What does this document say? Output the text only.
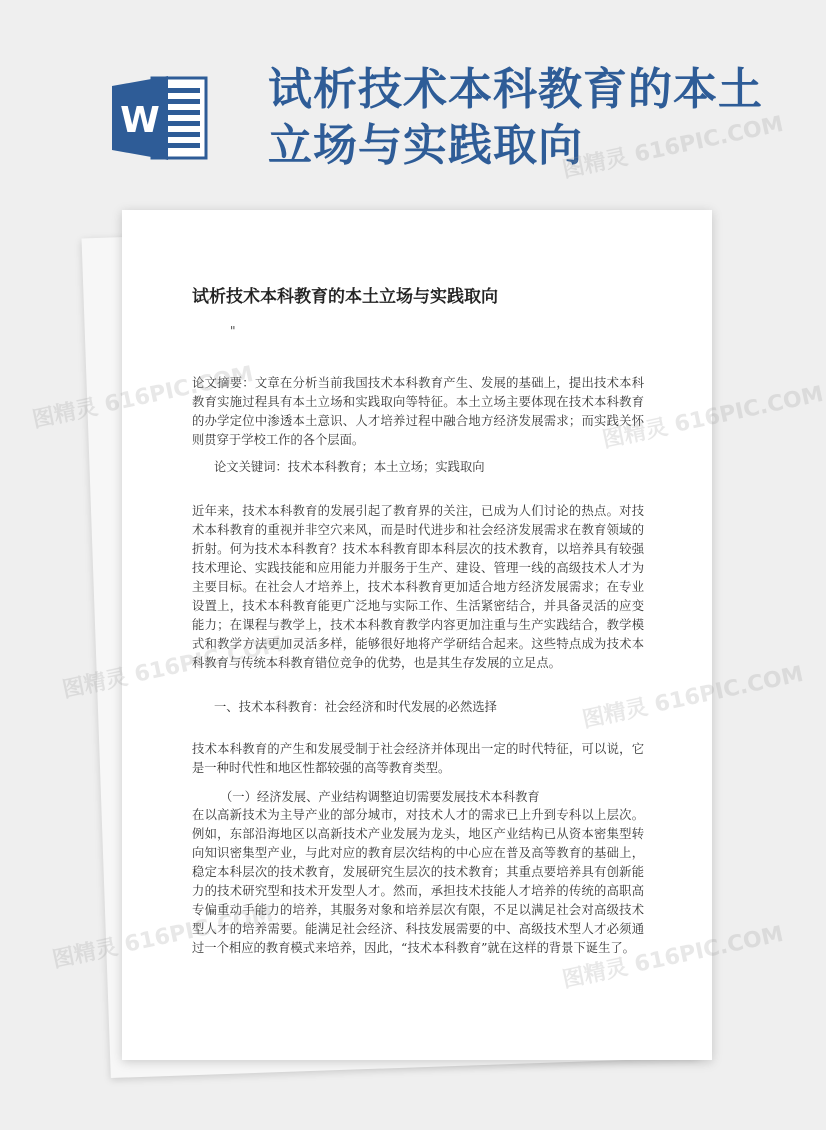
W
试析技术本科教育的本土立场与实践取向
试析技术本科教育的本土立场与实践取向
"
论文摘要：文章在分析当前我国技术本科教育产生、发展的基础上，提出技术本科教育实施过程具有本土立场和实践取向等特征。本土立场主要体现在技术本科教育的办学定位中渗透本土意识、人才培养过程中融合地方经济发展需求；而实践关怀则贯穿于学校工作的各个层面。
论文关键词：技术本科教育；本土立场；实践取向
近年来，技术本科教育的发展引起了教育界的关注，已成为人们讨论的热点。对技术本科教育的重视并非空穴来风，而是时代进步和社会经济发展需求在教育领域的折射。何为技术本科教育？技术本科教育即本科层次的技术教育，以培养具有较强技术理论、实践技能和应用能力并服务于生产、建设、管理一线的高级技术人才为主要目标。在社会人才培养上，技术本科教育更加适合地方经济发展需求；在专业设置上，技术本科教育能更广泛地与实际工作、生活紧密结合，并具备灵活的应变能力；在课程与教学上，技术本科教育教学内容更加注重与生产实践结合，教学模式和教学方法更加灵活多样，能够很好地将产学研结合起来。这些特点成为技术本科教育与传统本科教育错位竞争的优势，也是其生存发展的立足点。
一、技术本科教育：社会经济和时代发展的必然选择
技术本科教育的产生和发展受制于社会经济并体现出一定的时代特征，可以说，它是一种时代性和地区性都较强的高等教育类型。
（一）经济发展、产业结构调整迫切需要发展技术本科教育
在以高新技术为主导产业的部分城市，对技术人才的需求已上升到专科以上层次。例如，东部沿海地区以高新技术产业发展为龙头，地区产业结构已从资本密集型转向知识密集型产业，与此对应的教育层次结构的中心应在普及高等教育的基础上，稳定本科层次的技术教育，发展研究生层次的技术教育；其重点要培养具有创新能力的技术研究型和技术开发型人才。然而，承担技术技能人才培养的传统的高职高专偏重动手能力的培养，其服务对象和培养层次有限，不足以满足社会对高级技术型人才的培养需要。能满足社会经济、科技发展需要的中、高级技术型人才必须通过一个相应的教育模式来培养，因此，“技术本科教育”就在这样的背景下诞生了。
图精灵 616PIC.COM
图精灵 616PIC.COM	图精灵 616PIC.COM
图精灵 616PIC.COM	图精灵 616PIC.COM
图精灵 616PIC.COM	图精灵 616PIC.COM
